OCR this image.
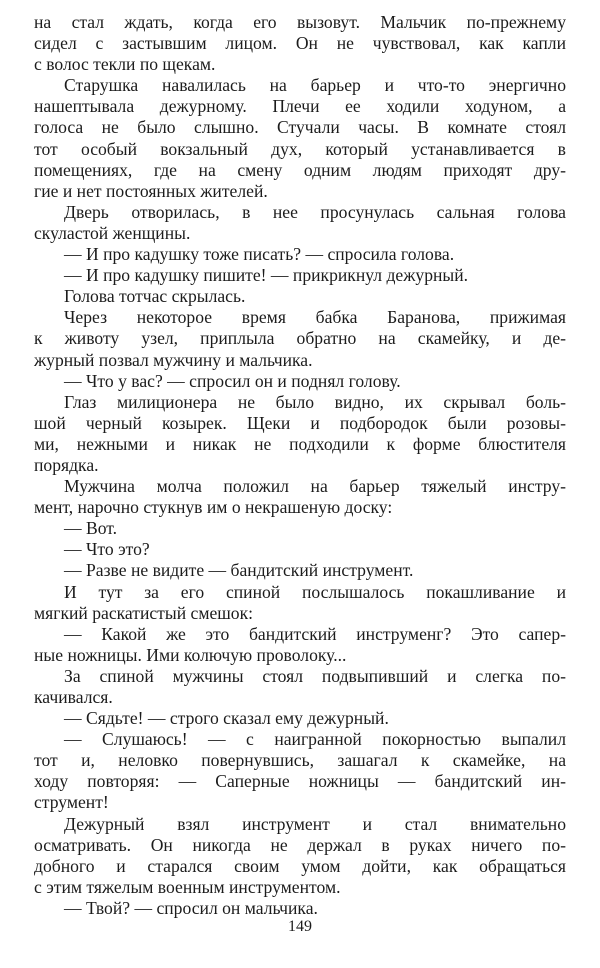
на стал ждать, когда его вызовут. Мальчик по-прежнему
сидел с застывшим лицом. Он не чувствовал, как капли
с волос текли по щекам.
Старушка навалилась на барьер и что-то энергично
нашептывала дежурному. Плечи ее ходили ходуном, а
голоса не было слышно. Стучали часы. В комнате стоял
тот особый вокзальный дух, который устанавливается в
помещениях, где на смену одним людям приходят дру-
гие и нет постоянных жителей.
Дверь отворилась, в нее просунулась сальная голова
скуластой женщины.
— И про кадушку тоже писать? — спросила голова.
— И про кадушку пишите! — прикрикнул дежурный.
Голова тотчас скрылась.
Через некоторое время бабка Баранова, прижимая
к животу узел, приплыла обратно на скамейку, и де-
журный позвал мужчину и мальчика.
— Что у вас? — спросил он и поднял голову.
Глаз милиционера не было видно, их скрывал боль-
шой черный козырек. Щеки и подбородок были розовы-
ми, нежными и никак не подходили к форме блюстителя
порядка.
Мужчина молча положил на барьер тяжелый инстру-
мент, нарочно стукнув им о некрашеную доску:
— Вот.
— Что это?
— Разве не видите — бандитский инструмент.
И тут за его спиной послышалось покашливание и
мягкий раскатистый смешок:
— Какой же это бандитский инструменг? Это сапер-
ные ножницы. Ими колючую проволоку...
За спиной мужчины стоял подвыпивший и слегка по-
качивался.
— Сядьте! — строго сказал ему дежурный.
— Слушаюсь! — с наигранной покорностью выпалил
тот и, неловко повернувшись, зашагал к скамейке, на
ходу повторяя: — Саперные ножницы — бандитский ин-
струмент!
Дежурный взял инструмент и стал внимательно
осматривать. Он никогда не держал в руках ничего по-
добного и старался своим умом дойти, как обращаться
с этим тяжелым военным инструментом.
— Твой? — спросил он мальчика.
149
